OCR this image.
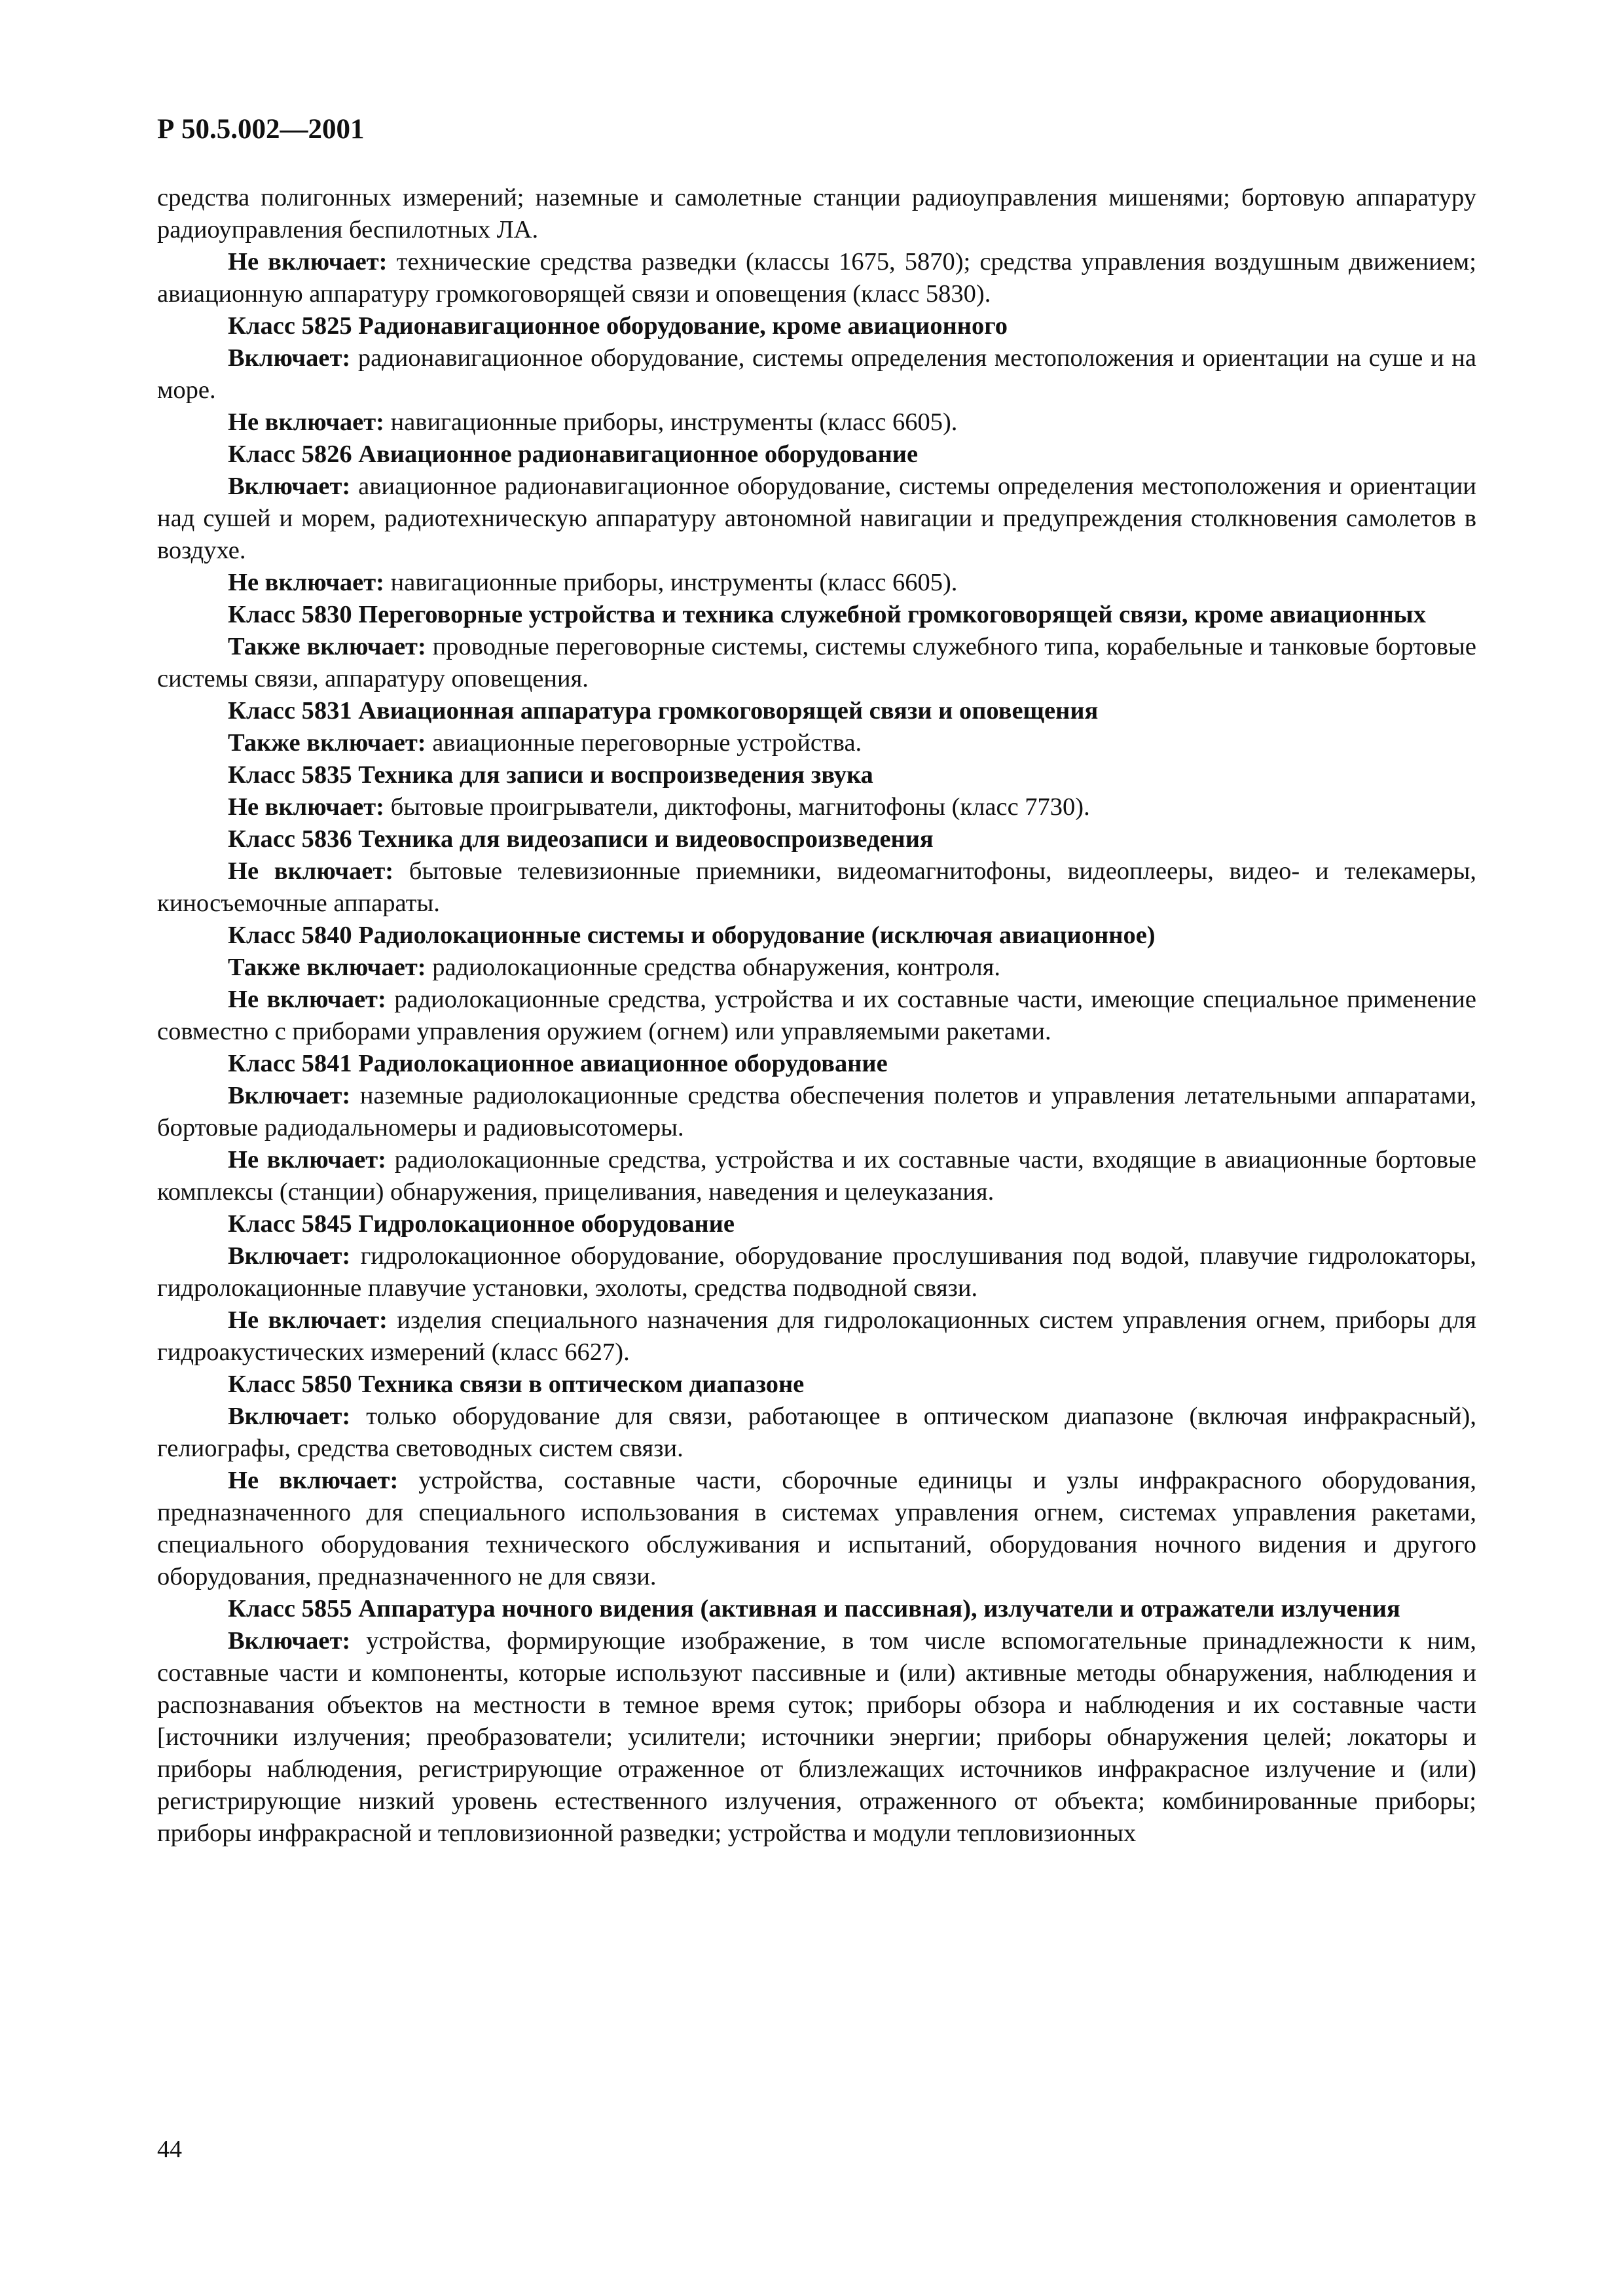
Р 50.5.002—2001

средства полигонных измерений; наземные и самолетные станции радиоуправления мишенями; бортовую аппаратуру радиоуправления беспилотных ЛА.

Не включает: технические средства разведки (классы 1675, 5870); средства управления воздушным движением; авиационную аппаратуру громкоговорящей связи и оповещения (класс 5830).

Класс 5825 Радионавигационное оборудование, кроме авиационного

Включает: радионавигационное оборудование, системы определения местоположения и ориентации на суше и на море.

Не включает: навигационные приборы, инструменты (класс 6605).

Класс 5826 Авиационное радионавигационное оборудование

Включает: авиационное радионавигационное оборудование, системы определения местоположения и ориентации над сушей и морем, радиотехническую аппаратуру автономной навигации и предупреждения столкновения самолетов в воздухе.

Не включает: навигационные приборы, инструменты (класс 6605).

Класс 5830 Переговорные устройства и техника служебной громкоговорящей связи, кроме авиационных

Также включает: проводные переговорные системы, системы служебного типа, корабельные и танковые бортовые системы связи, аппаратуру оповещения.

Класс 5831 Авиационная аппаратура громкоговорящей связи и оповещения

Также включает: авиационные переговорные устройства.

Класс 5835 Техника для записи и воспроизведения звука

Не включает: бытовые проигрыватели, диктофоны, магнитофоны (класс 7730).

Класс 5836 Техника для видеозаписи и видеовоспроизведения

Не включает: бытовые телевизионные приемники, видеомагнитофоны, видеоплееры, видео- и телекамеры, киносъемочные аппараты.

Класс 5840 Радиолокационные системы и оборудование (исключая авиационное)

Также включает: радиолокационные средства обнаружения, контроля.

Не включает: радиолокационные средства, устройства и их составные части, имеющие специальное применение совместно с приборами управления оружием (огнем) или управляемыми ракетами.

Класс 5841 Радиолокационное авиационное оборудование

Включает: наземные радиолокационные средства обеспечения полетов и управления летательными аппаратами, бортовые радиодальномеры и радиовысотомеры.

Не включает: радиолокационные средства, устройства и их составные части, входящие в авиационные бортовые комплексы (станции) обнаружения, прицеливания, наведения и целеуказания.

Класс 5845 Гидролокационное оборудование

Включает: гидролокационное оборудование, оборудование прослушивания под водой, плавучие гидролокаторы, гидролокационные плавучие установки, эхолоты, средства подводной связи.

Не включает: изделия специального назначения для гидролокационных систем управления огнем, приборы для гидроакустических измерений (класс 6627).

Класс 5850 Техника связи в оптическом диапазоне

Включает: только оборудование для связи, работающее в оптическом диапазоне (включая инфракрасный), гелиографы, средства световодных систем связи.

Не включает: устройства, составные части, сборочные единицы и узлы инфракрасного оборудования, предназначенного для специального использования в системах управления огнем, системах управления ракетами, специального оборудования технического обслуживания и испытаний, оборудования ночного видения и другого оборудования, предназначенного не для связи.

Класс 5855 Аппаратура ночного видения (активная и пассивная), излучатели и отражатели излучения

Включает: устройства, формирующие изображение, в том числе вспомогательные принадлежности к ним, составные части и компоненты, которые используют пассивные и (или) активные методы обнаружения, наблюдения и распознавания объектов на местности в темное время суток; приборы обзора и наблюдения и их составные части [источники излучения; преобразователи; усилители; источники энергии; приборы обнаружения целей; локаторы и приборы наблюдения, регистрирующие отраженное от близлежащих источников инфракрасное излучение и (или) регистрирующие низкий уровень естественного излучения, отраженного от объекта; комбинированные приборы; приборы инфракрасной и тепловизионной разведки; устройства и модули тепловизионных

44
